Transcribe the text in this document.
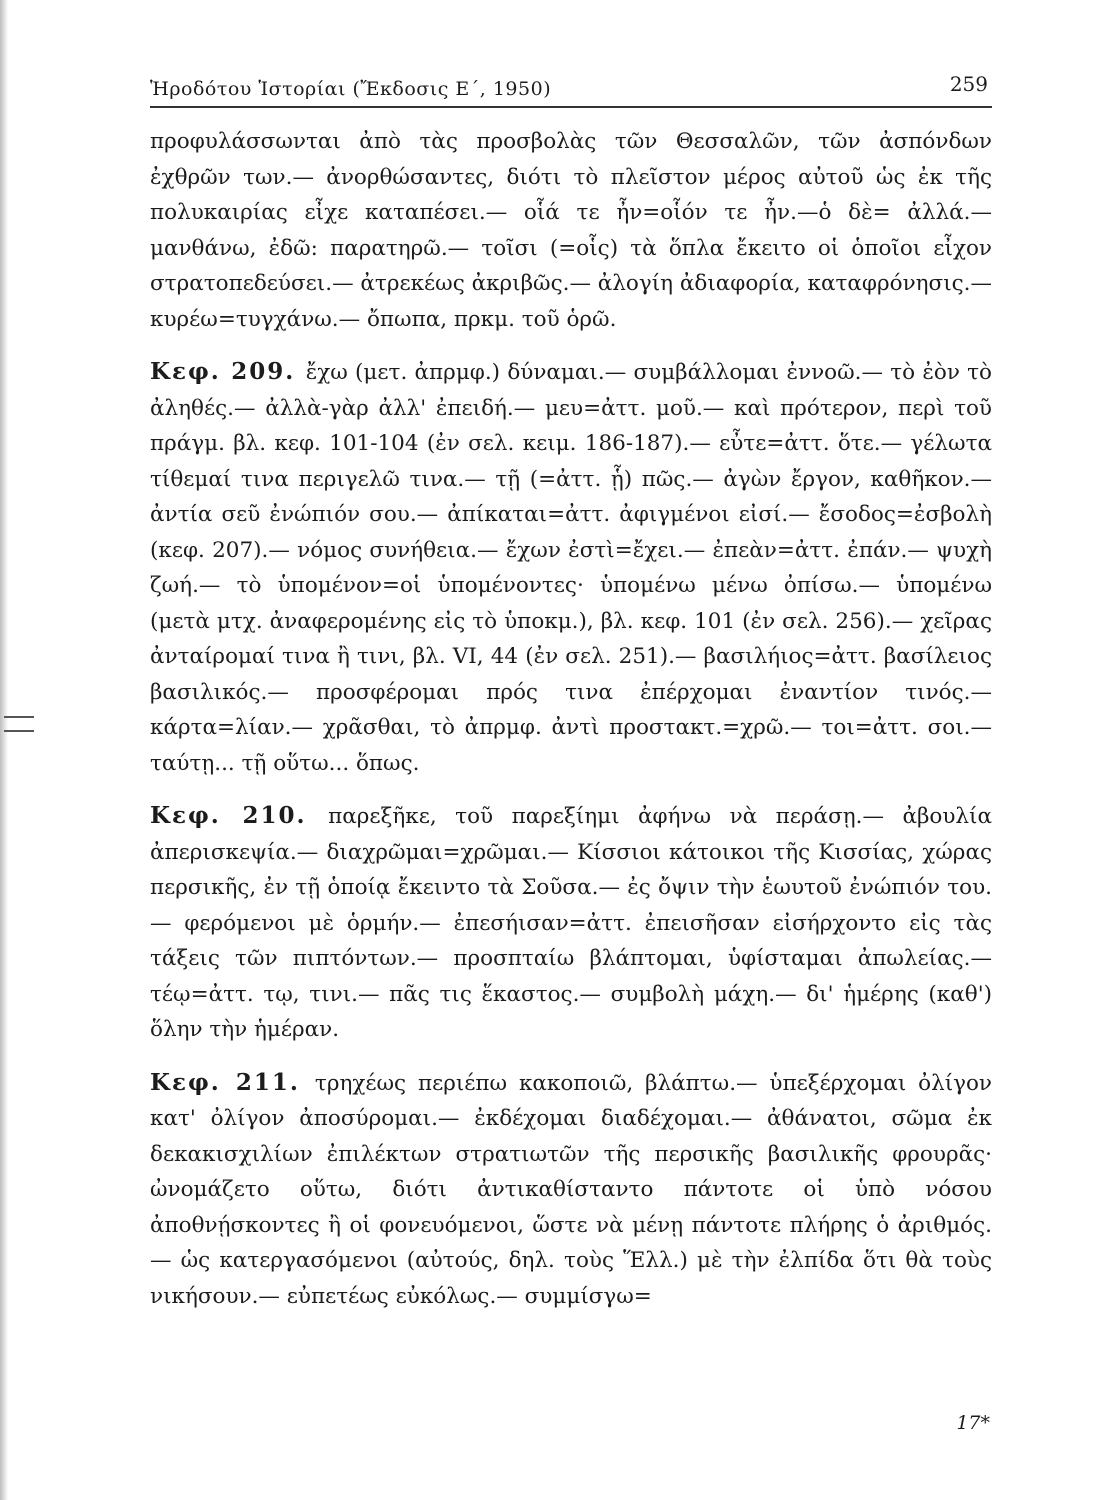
Ἡροδότου Ἱστορίαι (Ἔκδοσις Ε΄, 1950)	259

προφυλάσσωνται ἀπὸ τὰς προσβολὰς τῶν Θεσσαλῶν, τῶν ἀσπόνδων ἐχθρῶν των.— ἀνορθώσαντες, διότι τὸ πλεῖστον μέρος αὐτοῦ ὡς ἐκ τῆς πολυκαιρίας εἶχε καταπέσει.— οἷά τε ἦν=οἷόν τε ἦν.—ὁ δὲ= ἀλλά.— μανθάνω, ἐδῶ: παρατηρῶ.— τοῖσι (=οἷς) τὰ ὅπλα ἔκειτο οἱ ὁποῖοι εἶχον στρατοπεδεύσει.— ἀτρεκέως ἀκριβῶς.— ἀλογίη ἀδιαφορία, καταφρόνησις.— κυρέω=τυγχάνω.— ὄπωπα, πρκμ. τοῦ ὁρῶ.

Κεφ. 209. ἔχω (μετ. ἀπρμφ.) δύναμαι.— συμβάλλομαι ἐννοῶ.— τὸ ἐὸν τὸ ἀληθές.— ἀλλὰ-γὰρ ἀλλ' ἐπειδή.— μευ=ἀττ. μοῦ.— καὶ πρότερον, περὶ τοῦ πράγμ. βλ. κεφ. 101-104 (ἐν σελ. κειμ. 186-187).— εὖτε=ἀττ. ὅτε.— γέλωτα τίθεμαί τινα περιγελῶ τινα.— τῇ (=ἀττ. ᾗ) πῶς.— ἀγὼν ἔργον, καθῆκον.— ἀντία σεῦ ἐνώπιόν σου.— ἀπίκαται=ἀττ. ἀφιγμένοι εἰσί.— ἔσοδος=ἐσβολὴ (κεφ. 207).— νόμος συνήθεια.— ἔχων ἐστὶ=ἔχει.— ἐπεὰν=ἀττ. ἐπάν.— ψυχὴ ζωή.— τὸ ὑπομένον=οἱ ὑπομένοντες· ὑπομένω μένω ὀπίσω.— ὑπομένω (μετὰ μτχ. ἀναφερομένης εἰς τὸ ὑποκμ.), βλ. κεφ. 101 (ἐν σελ. 256).— χεῖρας ἀνταίρομαί τινα ἢ τινι, βλ. VI, 44 (ἐν σελ. 251).— βασιλήιος=ἀττ. βασίλειος βασιλικός.— προσφέρομαι πρός τινα ἐπέρχομαι ἐναντίον τινός.— κάρτα=λίαν.— χρᾶσθαι, τὸ ἀπρμφ. ἀντὶ προστακτ.=χρῶ.— τοι=ἀττ. σοι.— ταύτῃ... τῇ οὕτω... ὅπως.

Κεφ. 210. παρεξῆκε, τοῦ παρεξίημι ἀφήνω νὰ περάσῃ.— ἀβουλία ἀπερισκεψία.— διαχρῶμαι=χρῶμαι.— Κίσσιοι κάτοικοι τῆς Κισσίας, χώρας περσικῆς, ἐν τῇ ὁποίᾳ ἔκειντο τὰ Σοῦσα.— ἐς ὄψιν τὴν ἑωυτοῦ ἐνώπιόν του.— φερόμενοι μὲ ὁρμήν.— ἐπεσήισαν=ἀττ. ἐπεισῆσαν εἰσήρχοντο εἰς τὰς τάξεις τῶν πιπτόντων.— προσπταίω βλάπτομαι, ὑφίσταμαι ἀπωλείας.— τέῳ=ἀττ. τῳ, τινι.— πᾶς τις ἕκαστος.— συμβολὴ μάχη.— δι' ἡμέρης (καθ') ὅλην τὴν ἡμέραν.

Κεφ. 211. τρηχέως περιέπω κακοποιῶ, βλάπτω.— ὑπεξέρχομαι ὀλίγον κατ' ὀλίγον ἀποσύρομαι.— ἐκδέχομαι διαδέχομαι.— ἀθάνατοι, σῶμα ἐκ δεκακισχιλίων ἐπιλέκτων στρατιωτῶν τῆς περσικῆς βασιλικῆς φρουρᾶς· ὠνομάζετο οὕτω, διότι ἀντικαθίσταντο πάντοτε οἱ ὑπὸ νόσου ἀποθνῄσκοντες ἢ οἱ φονευόμενοι, ὥστε νὰ μένῃ πάντοτε πλήρης ὁ ἀριθμός.— ὡς κατεργασόμενοι (αὐτούς, δηλ. τοὺς Ἕλλ.) μὲ τὴν ἐλπίδα ὅτι θὰ τοὺς νικήσουν.— εὐπετέως εὐκόλως.— συμμίσγω=

17*
